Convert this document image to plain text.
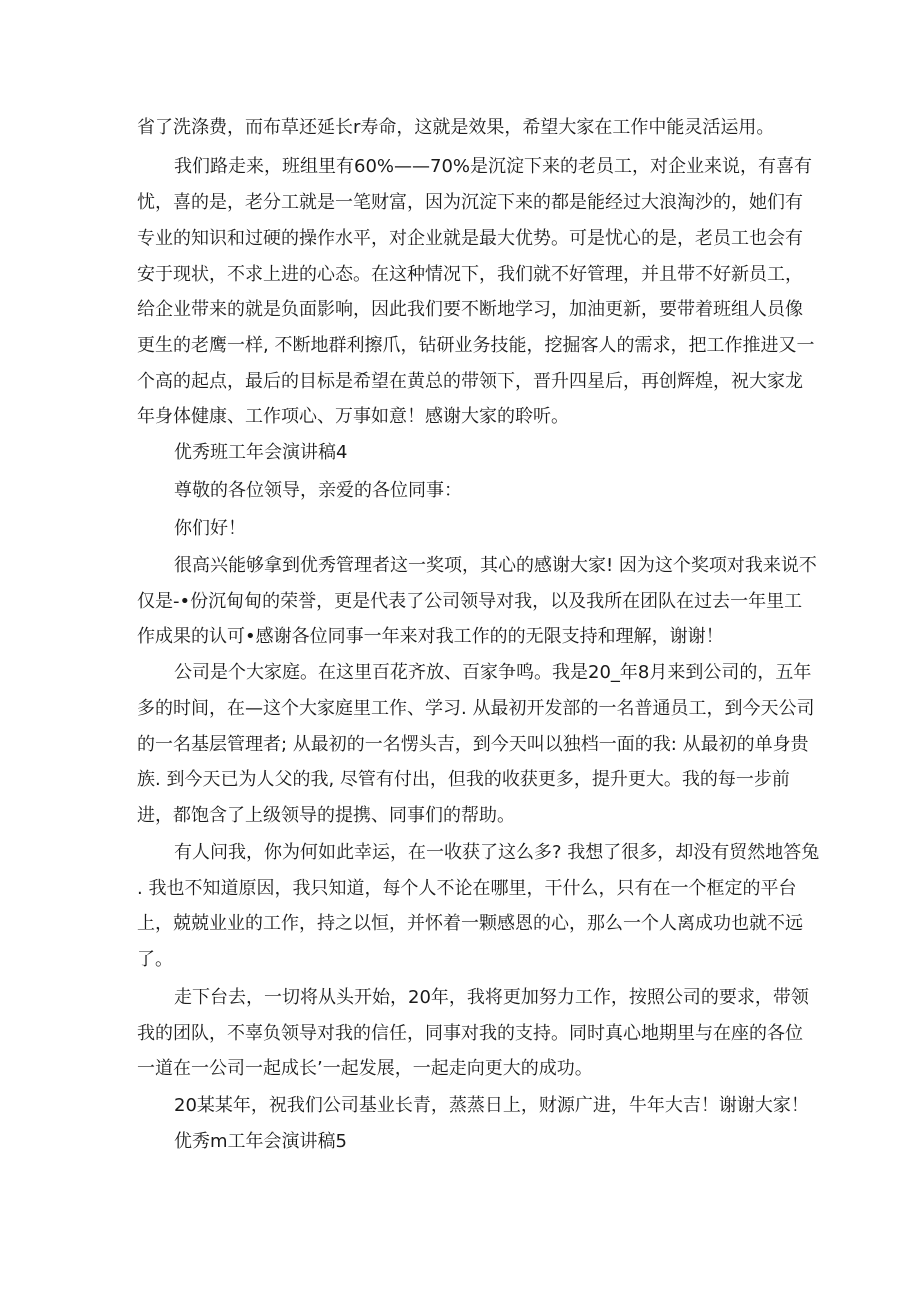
省了洗涤费，而布草还延长r寿命，这就是效果，希望大家在工作中能灵活运用。
我们路走来，班组里有60%——70%是沉淀下来的老员工，对企业来说，有喜有
忧，喜的是，老分工就是一笔财富，因为沉淀下来的都是能经过大浪淘沙的，她们有
专业的知识和过硬的操作水平，对企业就是最大优势。可是忧心的是，老员工也会有
安于现状，不求上进的心态。在这种情况下，我们就不好管理，并且带不好新员工，
给企业带来的就是负面影响，因此我们要不断地学习，加油更新，要带着班组人员像
更生的老鹰一样, 不断地群利擦爪，钻研业务技能，挖掘客人的需求，把工作推进又一
个高的起点，最后的目标是希望在黄总的带领下，晋升四星后，再创辉煌，祝大家龙
年身体健康、工作项心、万事如意！感谢大家的聆听。
优秀班工年会演讲稿4
尊敬的各位领导，亲爱的各位同事：
你们好！
很高兴能够拿到优秀管理者这一奖项，其心的感谢大家! 因为这个奖项对我来说不
仅是-•份沉甸甸的荣誉，更是代表了公司领导对我，以及我所在团队在过去一年里工
作成果的认可•感谢各位同事一年来对我工作的的无限支持和理解，谢谢！
公司是个大家庭。在这里百花齐放、百家争鸣。我是20_年8月来到公司的，五年
多的时间，在—这个大家庭里工作、学习. 从最初开发部的一名普通员工，到今天公司
的一名基层管理者; 从最初的一名愣头吉，到今天叫以独档一面的我: 从最初的单身贵
族. 到今天已为人父的我, 尽管有付出，但我的收获更多，提升更大。我的每一步前
进，都饱含了上级领导的提携、同事们的帮助。
有人问我，你为何如此幸运，在一收获了这么多? 我想了很多，却没有贸然地答兔
. 我也不知道原因，我只知道，每个人不论在哪里，干什么，只有在一个框定的平台
上，兢兢业业的工作，持之以恒，并怀着一颗感恩的心，那么一个人离成功也就不远
了。
走下台去，一切将从头开始，20年，我将更加努力工作，按照公司的要求，带领
我的团队，不辜负领导对我的信任，同事对我的支持。同时真心地期里与在座的各位
一道在一公司一起成长’一起发展，一起走向更大的成功。
20某某年，祝我们公司基业长青，蒸蒸日上，财源广进，牛年大吉！谢谢大家！
优秀m工年会演讲稿5
